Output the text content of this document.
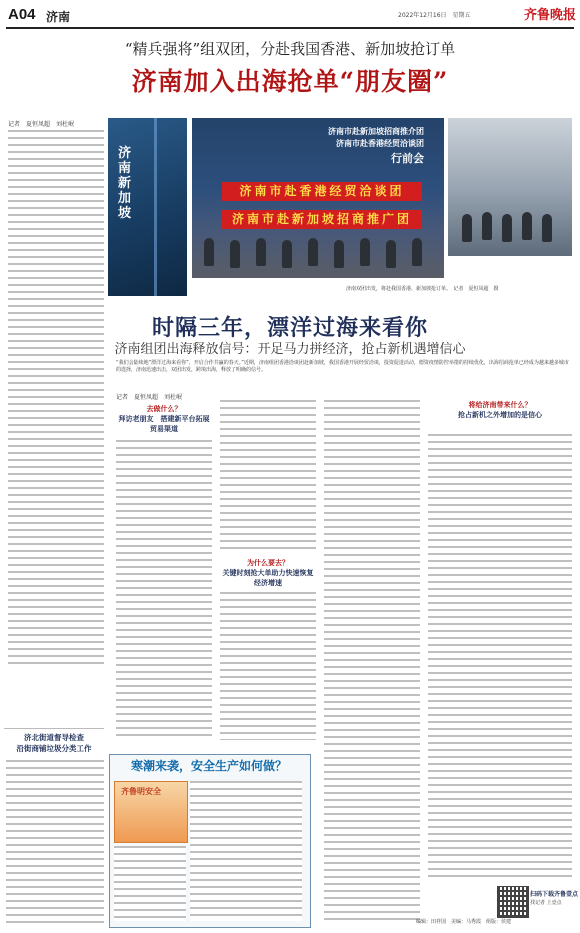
A04 济南	2022年12月16日　星期五	齐鲁晚报
“精兵强将”组双团，分赴我国香港、新加坡抢订单
济南加入出海抢单“朋友圈”
记者　夏恒凤超　刘杜岷
济南新加坡
济南市赴新加坡招商推介团
济南市赴香港经贸洽谈团
行前会
济南市赴香港经贸洽谈团
济南市赴新加坡招商推广团
济南双团出发，将赴我国香港、新加坡抢订单。　记者　夏恒凤超　摄
时隔三年，漂洋过海来看你
济南组团出海释放信号：开足马力拼经济，抢占新机遇增信心
“我们会陆续地“漂洋过海来看你”，开启合作共赢的春天。”近期，济南组团香港洽谈团赴新加坡，我国香港开展经贸洽谈，投资促进活动，德资疫情防控举措的持续优化，出海招商抢单已经成为越来越多城市的选择，济南迅速出击，双团出发，跨境出海，释放了明确的信号。
记者　夏恒凤超　刘杜岷
去做什么？
拜访老朋友　搭建新平台拓展贸易渠道
为什么要去？
关键时刻抢大单助力快速恢复经济增速
将给济南带来什么？
抢占新机之外增加的是信心
济北街道督导检查
沿街商铺垃圾分类工作
寒潮来袭，安全生产如何做？
齐鲁明安全
扫码下载齐鲁壹点
找记者 上壹点
编辑：田祥国　美编：马秀霞　组版：侯建
